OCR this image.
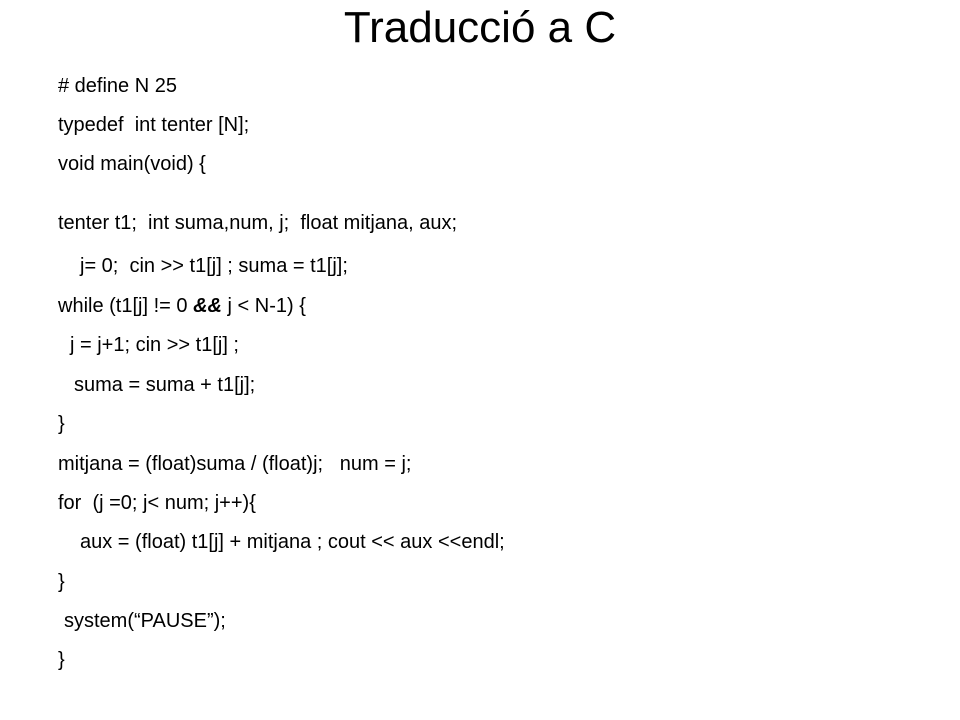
Traducció a C
# define N 25
typedef  int tenter [N];
void main(void) {
tenter t1;  int suma,num, j;  float mitjana, aux;
j= 0;  cin >> t1[j] ; suma = t1[j];
while (t1[j] != 0 && j < N-1) {
j = j+1; cin >> t1[j] ;
suma = suma + t1[j];
}
mitjana = (float)suma / (float)j;   num = j;
for  (j =0; j< num; j++){
aux = (float) t1[j] + mitjana ; cout << aux <<endl;
}
system(“PAUSE”);
}
